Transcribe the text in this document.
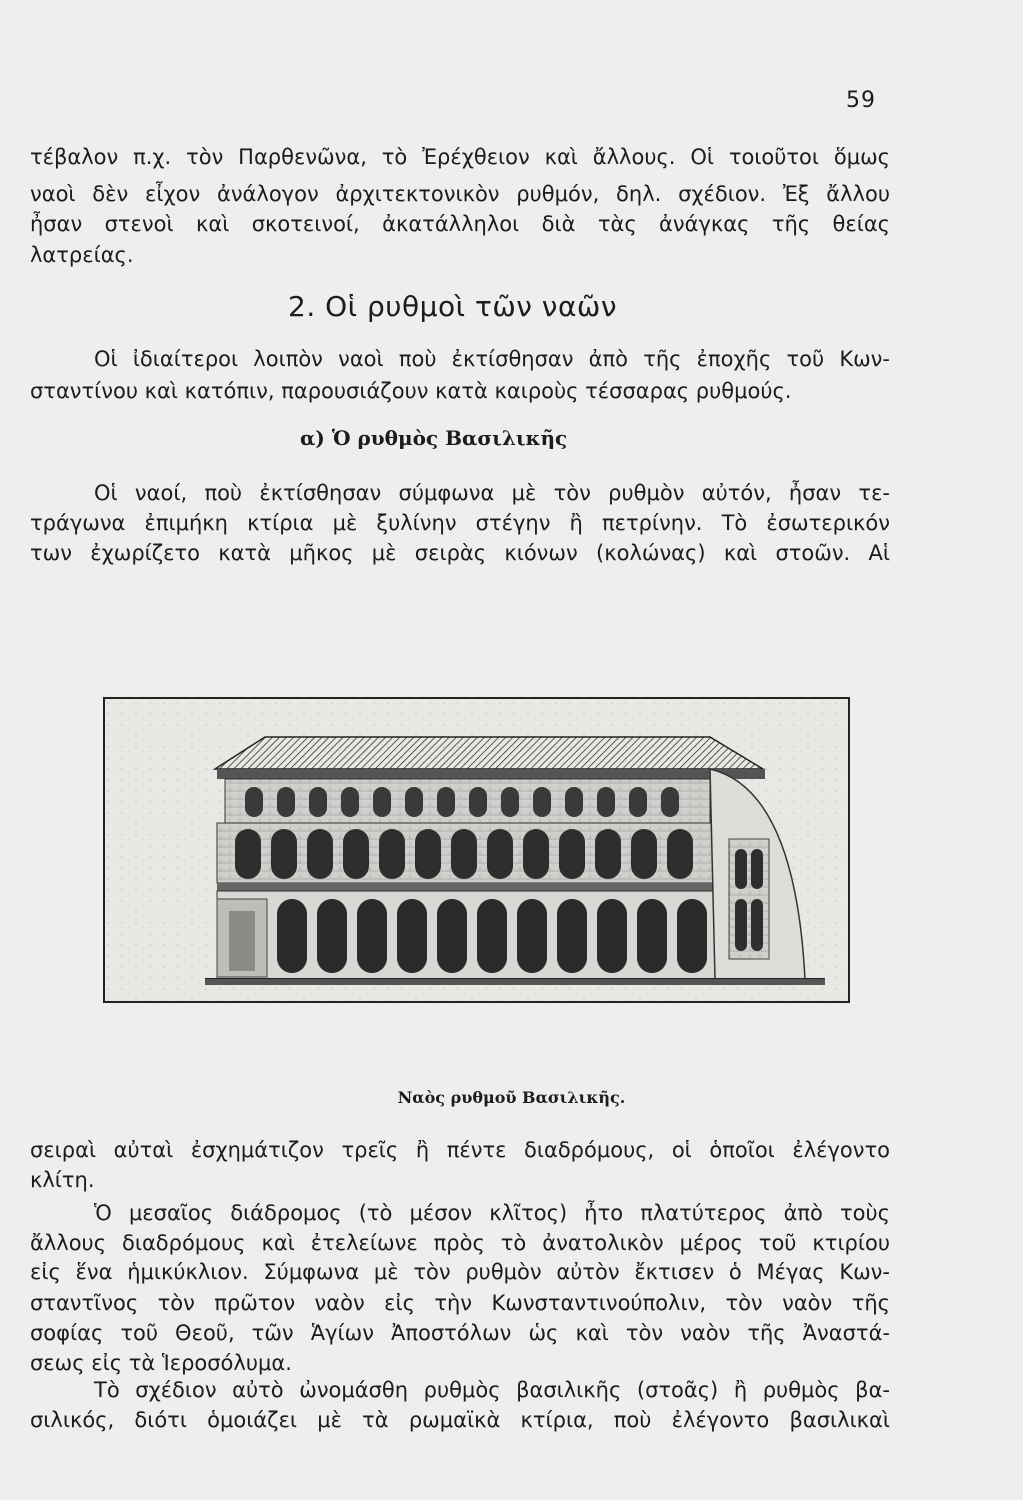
59
τέβαλον π.χ. τὸν Παρθενῶνα, τὸ Ἐρέχθειον καὶ ἄλλους. Οἱ τοιοῦτοι ὅμως
ναοὶ δὲν εἶχον ἀνάλογον ἀρχιτεκτονικὸν ρυθμόν, δηλ. σχέδιον. Ἐξ ἄλλου
ἦσαν στενοὶ καὶ σκοτεινοί, ἀκατάλληλοι διὰ τὰς ἀνάγκας τῆς θείας
λατρείας.
2. Οἱ ρυθμοὶ τῶν ναῶν
Οἱ ἰδιαίτεροι λοιπὸν ναοὶ ποὺ ἐκτίσθησαν ἀπὸ τῆς ἐποχῆς τοῦ Κων-
σταντίνου καὶ κατόπιν, παρουσιάζουν κατὰ καιροὺς τέσσαρας ρυθμούς.
α) Ὁ ρυθμὸς Βασιλικῆς
Οἱ ναοί, ποὺ ἐκτίσθησαν σύμφωνα μὲ τὸν ρυθμὸν αὐτόν, ἦσαν τε-
τράγωνα ἐπιμήκη κτίρια μὲ ξυλίνην στέγην ἢ πετρίνην. Τὸ ἐσωτερικόν
των ἐχωρίζετο κατὰ μῆκος μὲ σειρὰς κιόνων (κολώνας) καὶ στοῶν. Αἱ
Ναὸς ρυθμοῦ Βασιλικῆς.
σειραὶ αὐταὶ ἐσχημάτιζον τρεῖς ἢ πέντε διαδρόμους, οἱ ὁποῖοι ἐλέγοντο
κλίτη.
Ὁ μεσαῖος διάδρομος (τὸ μέσον κλῖτος) ἦτο πλατύτερος ἀπὸ τοὺς
ἄλλους διαδρόμους καὶ ἐτελείωνε πρὸς τὸ ἀνατολικὸν μέρος τοῦ κτιρίου
εἰς ἕνα ἡμικύκλιον. Σύμφωνα μὲ τὸν ρυθμὸν αὐτὸν ἔκτισεν ὁ Μέγας Κων-
σταντῖνος τὸν πρῶτον ναὸν εἰς τὴν Κωνσταντινούπολιν, τὸν ναὸν τῆς
σοφίας τοῦ Θεοῦ, τῶν Ἁγίων Ἀποστόλων ὡς καὶ τὸν ναὸν τῆς Ἀναστά-
σεως εἰς τὰ Ἱεροσόλυμα.
Τὸ σχέδιον αὐτὸ ὠνομάσθη ρυθμὸς βασιλικῆς (στοᾶς) ἢ ρυθμὸς βα-
σιλικός, διότι ὁμοιάζει μὲ τὰ ρωμαϊκὰ κτίρια, ποὺ ἐλέγοντο βασιλικαὶ
